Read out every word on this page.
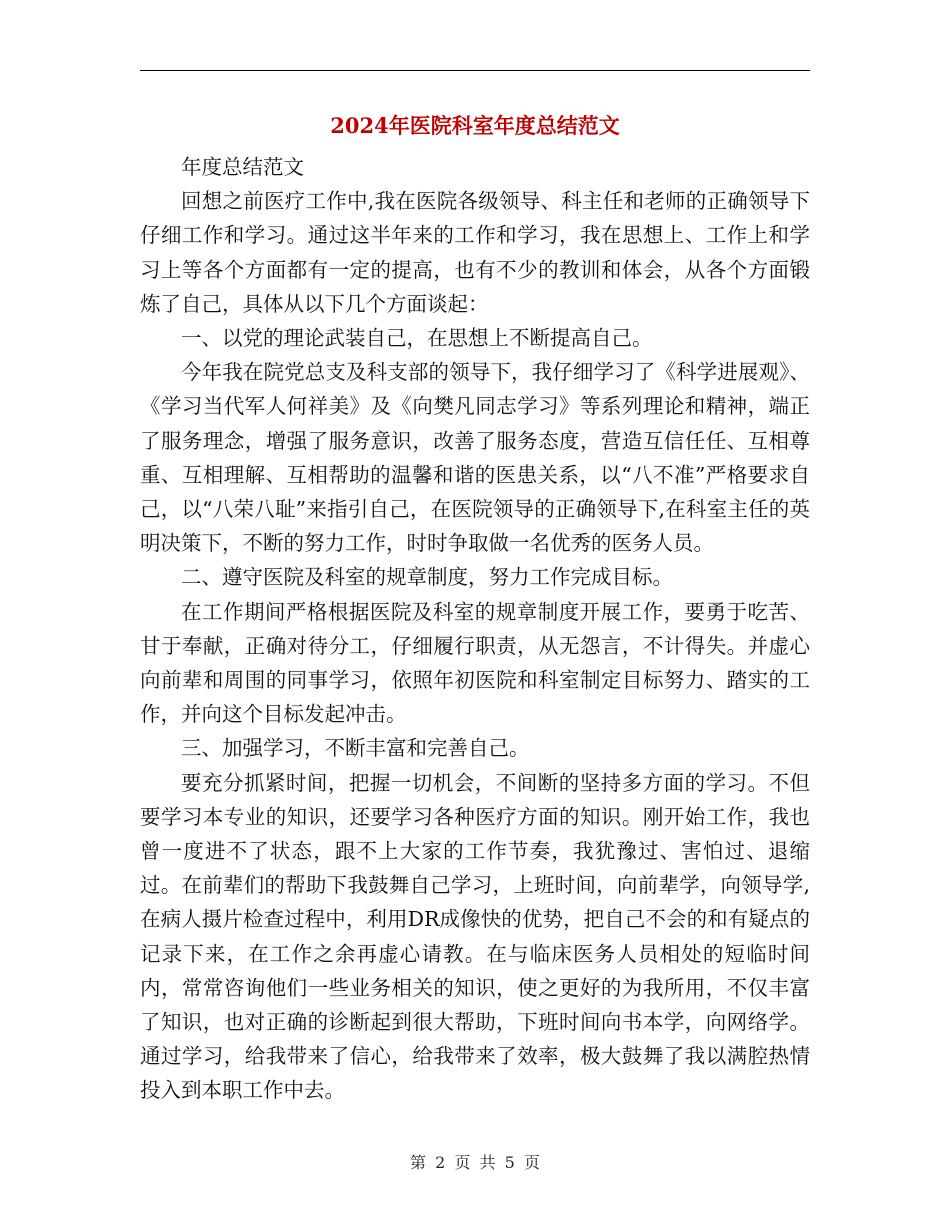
2024年医院科室年度总结范文

年度总结范文

回想之前医疗工作中,我在医院各级领导、科主任和老师的正确领导下仔细工作和学习。通过这半年来的工作和学习，我在思想上、工作上和学习上等各个方面都有一定的提高，也有不少的教训和体会，从各个方面锻炼了自己，具体从以下几个方面谈起：

一、以党的理论武装自己，在思想上不断提高自己。

今年我在院党总支及科支部的领导下，我仔细学习了《科学进展观》、《学习当代军人何祥美》及《向樊凡同志学习》等系列理论和精神，端正了服务理念，增强了服务意识，改善了服务态度，营造互信任任、互相尊重、互相理解、互相帮助的温馨和谐的医患关系，以“八不准”严格要求自己，以“八荣八耻”来指引自己，在医院领导的正确领导下,在科室主任的英明决策下，不断的努力工作，时时争取做一名优秀的医务人员。

二、遵守医院及科室的规章制度，努力工作完成目标。

在工作期间严格根据医院及科室的规章制度开展工作，要勇于吃苦、甘于奉献，正确对待分工，仔细履行职责，从无怨言，不计得失。并虚心向前辈和周围的同事学习，依照年初医院和科室制定目标努力、踏实的工作，并向这个目标发起冲击。

三、加强学习，不断丰富和完善自己。

要充分抓紧时间，把握一切机会，不间断的坚持多方面的学习。不但要学习本专业的知识，还要学习各种医疗方面的知识。刚开始工作，我也曾一度进不了状态，跟不上大家的工作节奏，我犹豫过、害怕过、退缩过。在前辈们的帮助下我鼓舞自己学习，上班时间，向前辈学，向领导学,在病人摄片检查过程中，利用DR成像快的优势，把自己不会的和有疑点的记录下来，在工作之余再虚心请教。在与临床医务人员相处的短临时间内，常常咨询他们一些业务相关的知识，使之更好的为我所用，不仅丰富了知识，也对正确的诊断起到很大帮助，下班时间向书本学，向网络学。通过学习，给我带来了信心，给我带来了效率，极大鼓舞了我以满腔热情投入到本职工作中去。

第 2 页 共 5 页
